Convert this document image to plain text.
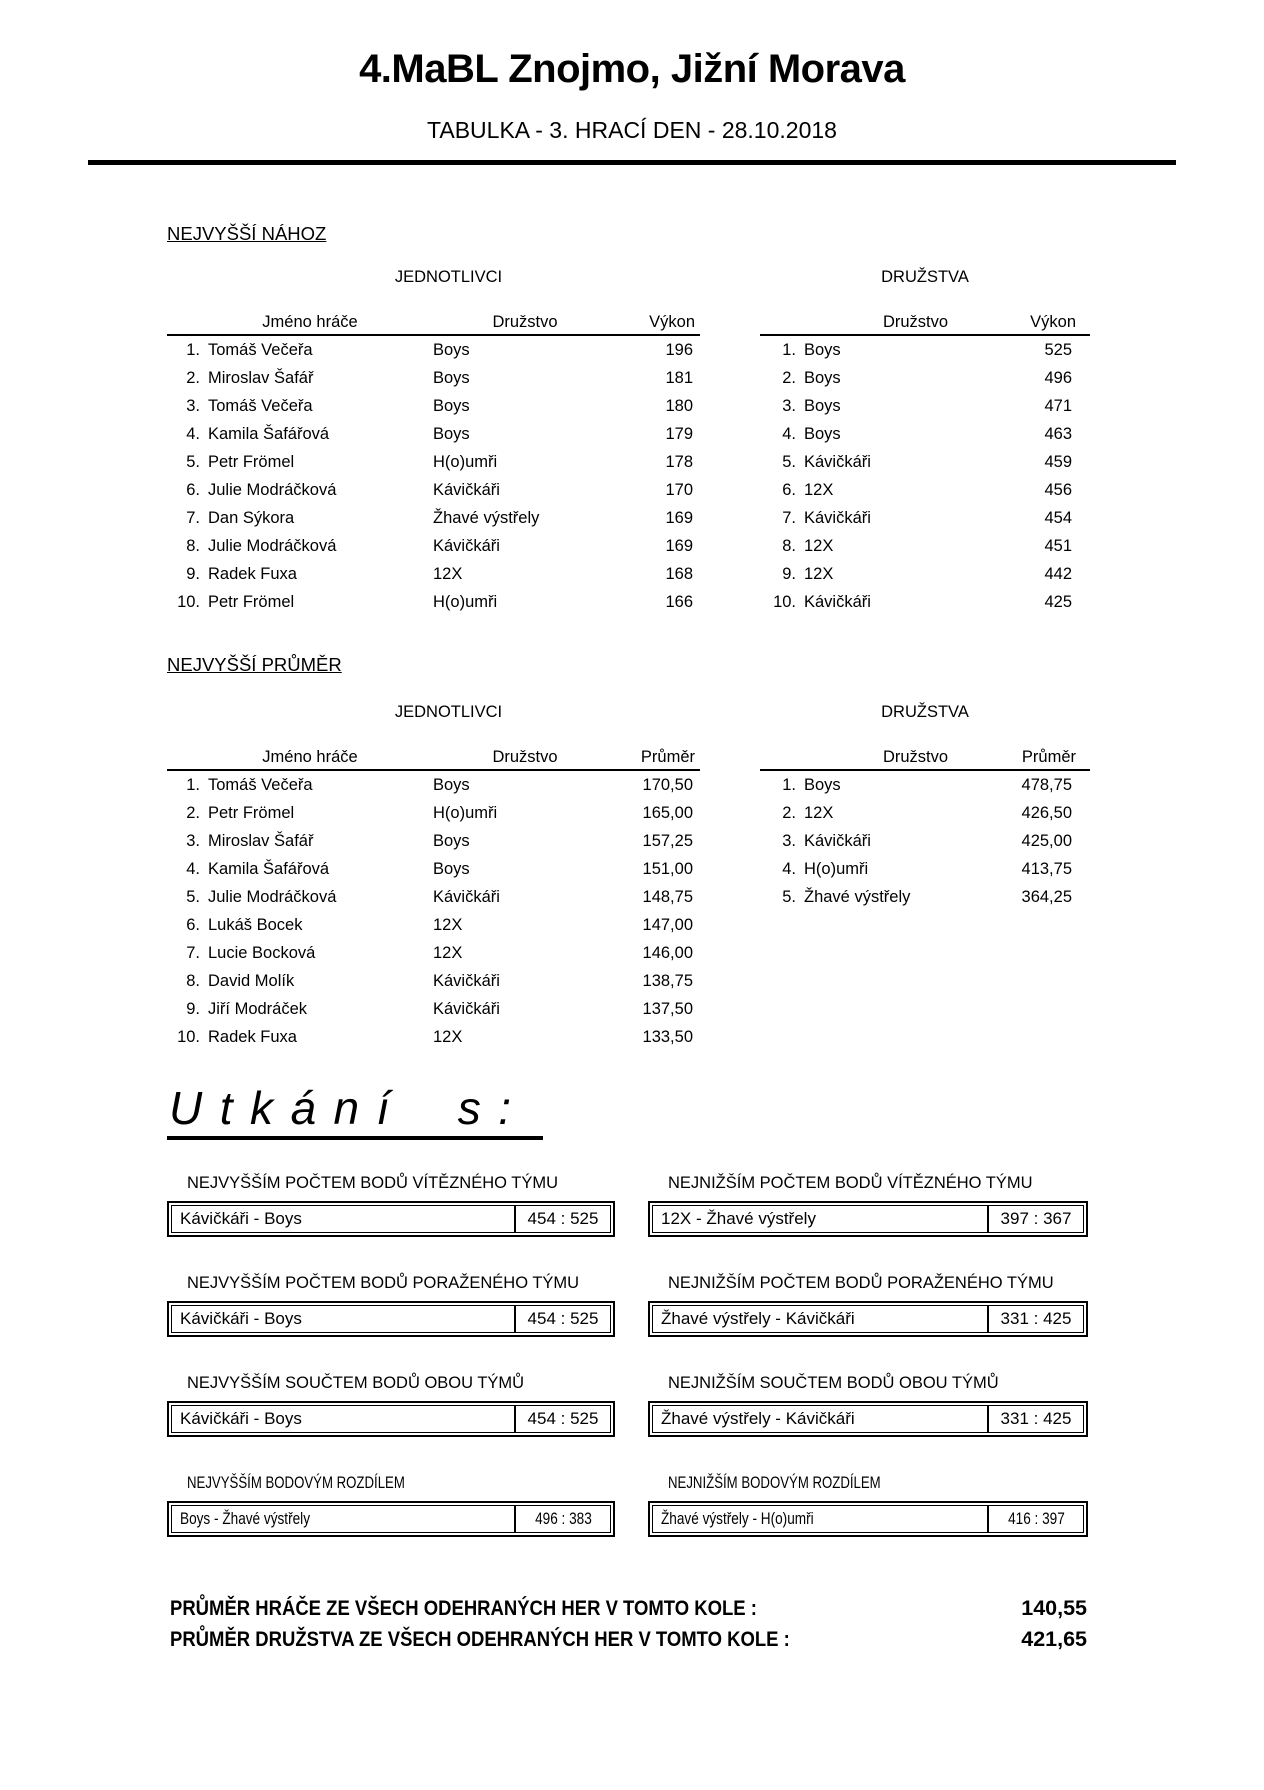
4.MaBL Znojmo, Jižní Morava
TABULKA - 3. HRACÍ DEN - 28.10.2018
NEJVYŠŠÍ NÁHOZ
JEDNOTLIVCI
Jméno hráče	Družstvo	Výkon
1. Tomáš Večeřa	Boys	196
2. Miroslav Šafář	Boys	181
3. Tomáš Večeřa	Boys	180
4. Kamila Šafářová	Boys	179
5. Petr Frömel	H(o)umři	178
6. Julie Modráčková	Kávičkáři	170
7. Dan Sýkora	Žhavé výstřely	169
8. Julie Modráčková	Kávičkáři	169
9. Radek Fuxa	12X	168
10. Petr Frömel	H(o)umři	166
DRUŽSTVA
Družstvo	Výkon
1. Boys	525
2. Boys	496
3. Boys	471
4. Boys	463
5. Kávičkáři	459
6. 12X	456
7. Kávičkáři	454
8. 12X	451
9. 12X	442
10. Kávičkáři	425
NEJVYŠŠÍ PRŮMĚR
JEDNOTLIVCI
Jméno hráče	Družstvo	Průměr
1. Tomáš Večeřa	Boys	170,50
2. Petr Frömel	H(o)umři	165,00
3. Miroslav Šafář	Boys	157,25
4. Kamila Šafářová	Boys	151,00
5. Julie Modráčková	Kávičkáři	148,75
6. Lukáš Bocek	12X	147,00
7. Lucie Bocková	12X	146,00
8. David Molík	Kávičkáři	138,75
9. Jiří Modráček	Kávičkáři	137,50
10. Radek Fuxa	12X	133,50
DRUŽSTVA
Družstvo	Průměr
1. Boys	478,75
2. 12X	426,50
3. Kávičkáři	425,00
4. H(o)umři	413,75
5. Žhavé výstřely	364,25
Utkání s:
NEJVYŠŠÍM POČTEM BODŮ VÍTĚZNÉHO TÝMU
Kávičkáři - Boys	454 : 525
NEJNIŽŠÍM POČTEM BODŮ VÍTĚZNÉHO TÝMU
12X - Žhavé výstřely	397 : 367
NEJVYŠŠÍM POČTEM BODŮ PORAŽENÉHO TÝMU
Kávičkáři - Boys	454 : 525
NEJNIŽŠÍM POČTEM BODŮ PORAŽENÉHO TÝMU
Žhavé výstřely - Kávičkáři	331 : 425
NEJVYŠŠÍM SOUČTEM BODŮ OBOU TÝMŮ
Kávičkáři - Boys	454 : 525
NEJNIŽŠÍM SOUČTEM BODŮ OBOU TÝMŮ
Žhavé výstřely - Kávičkáři	331 : 425
NEJVYŠŠÍM BODOVÝM ROZDÍLEM
Boys - Žhavé výstřely	496 : 383
NEJNIŽŠÍM BODOVÝM ROZDÍLEM
Žhavé výstřely - H(o)umři	416 : 397
PRŮMĚR HRÁČE ZE VŠECH ODEHRANÝCH HER V TOMTO KOLE :	140,55
PRŮMĚR DRUŽSTVA ZE VŠECH ODEHRANÝCH HER V TOMTO KOLE :	421,65
